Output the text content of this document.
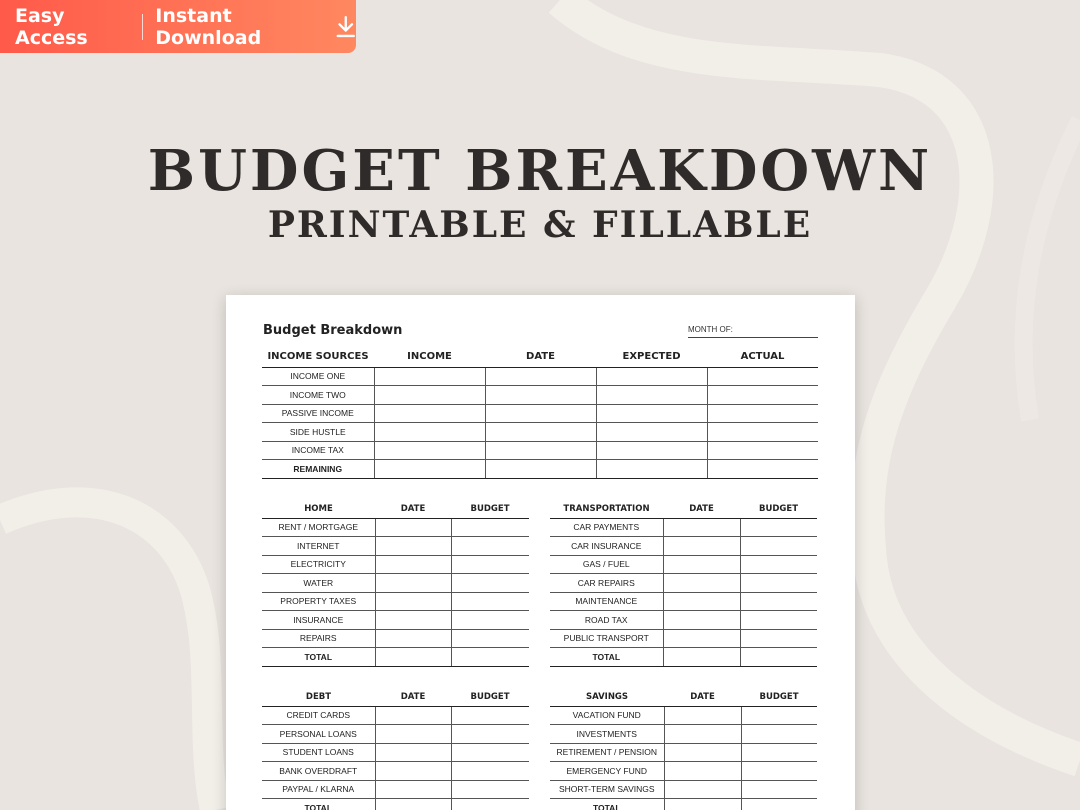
Easy Access
Instant Download
BUDGET BREAKDOWN
PRINTABLE & FILLABLE
Budget Breakdown	MONTH OF:
INCOME SOURCES	INCOME	DATE	EXPECTED	ACTUAL
INCOME ONE				
INCOME TWO				
PASSIVE INCOME				
SIDE HUSTLE				
INCOME TAX				
REMAINING				
HOME	DATE	BUDGET
RENT / MORTGAGE		
INTERNET		
ELECTRICITY		
WATER		
PROPERTY TAXES		
INSURANCE		
REPAIRS		
TOTAL		
TRANSPORTATION	DATE	BUDGET
CAR PAYMENTS		
CAR INSURANCE		
GAS / FUEL		
CAR REPAIRS		
MAINTENANCE		
ROAD TAX		
PUBLIC TRANSPORT		
TOTAL		
DEBT	DATE	BUDGET
CREDIT CARDS		
PERSONAL LOANS		
STUDENT LOANS		
BANK OVERDRAFT		
PAYPAL / KLARNA		
TOTAL		
SAVINGS	DATE	BUDGET
VACATION FUND		
INVESTMENTS		
RETIREMENT / PENSION		
EMERGENCY FUND		
SHORT-TERM SAVINGS		
TOTAL		
